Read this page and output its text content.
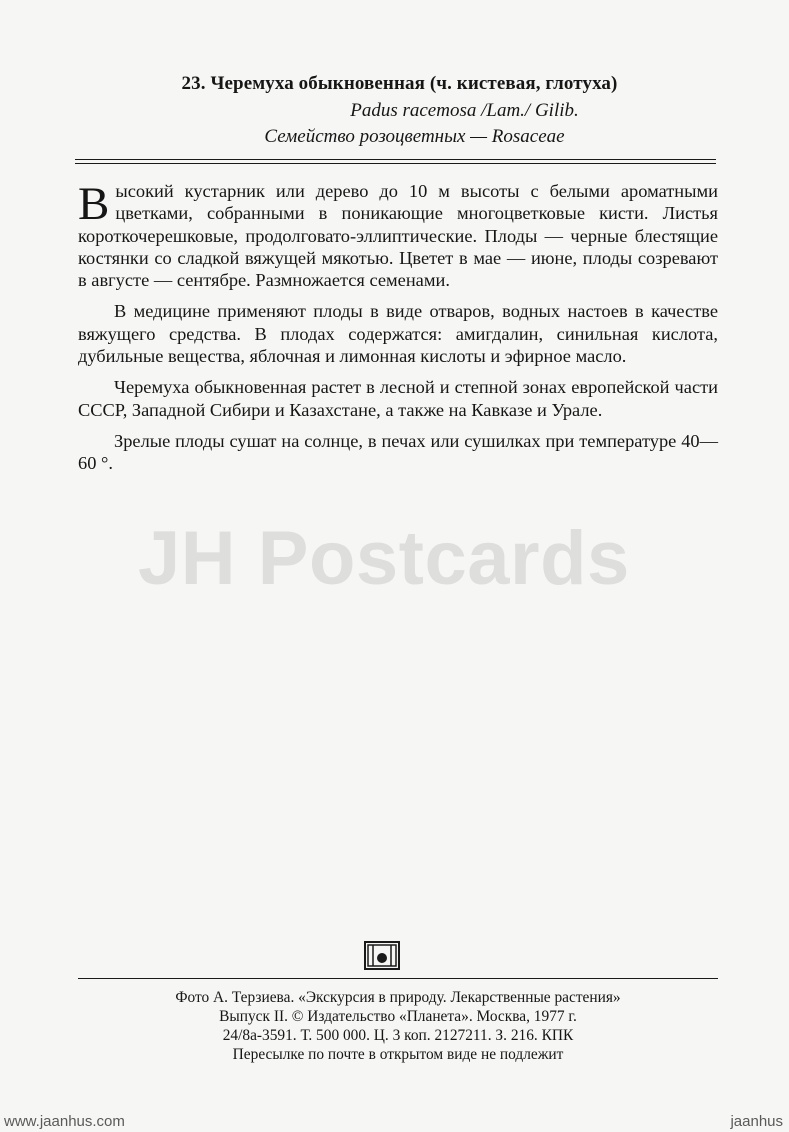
23. Черемуха обыкновенная (ч. кистевая, глотуха)
Padus racemosa /Lam./ Gilib.
Семейство розоцветных — Rosaceae

Высокий кустарник или дерево до 10 м высоты с белыми ароматными цветками, собранными в поникающие многоцветковые кисти. Листья короткочерешковые, продолговато-эллиптические. Плоды — черные блестящие костянки со сладкой вяжущей мякотью. Цветет в мае — июне, плоды созревают в августе — сентябре. Размножается семенами.

В медицине применяют плоды в виде отваров, водных настоев в качестве вяжущего средства. В плодах содержатся: амигдалин, синильная кислота, дубильные вещества, яблочная и лимонная кислоты и эфирное масло.

Черемуха обыкновенная растет в лесной и степной зонах европейской части СССР, Западной Сибири и Казахстане, а также на Кавказе и Урале.

Зрелые плоды сушат на солнце, в печах или сушилках при температуре 40—60 °.

JH Postcards
Фото А. Терзиева. «Экскурсия в природу. Лекарственные растения»
Выпуск II. © Издательство «Планета». Москва, 1977 г.
24/8а-3591. Т. 500 000. Ц. 3 коп. 2127211. З. 216. КПК
Пересылке по почте в открытом виде не подлежит
www.jaanhus.com	jaanhus
